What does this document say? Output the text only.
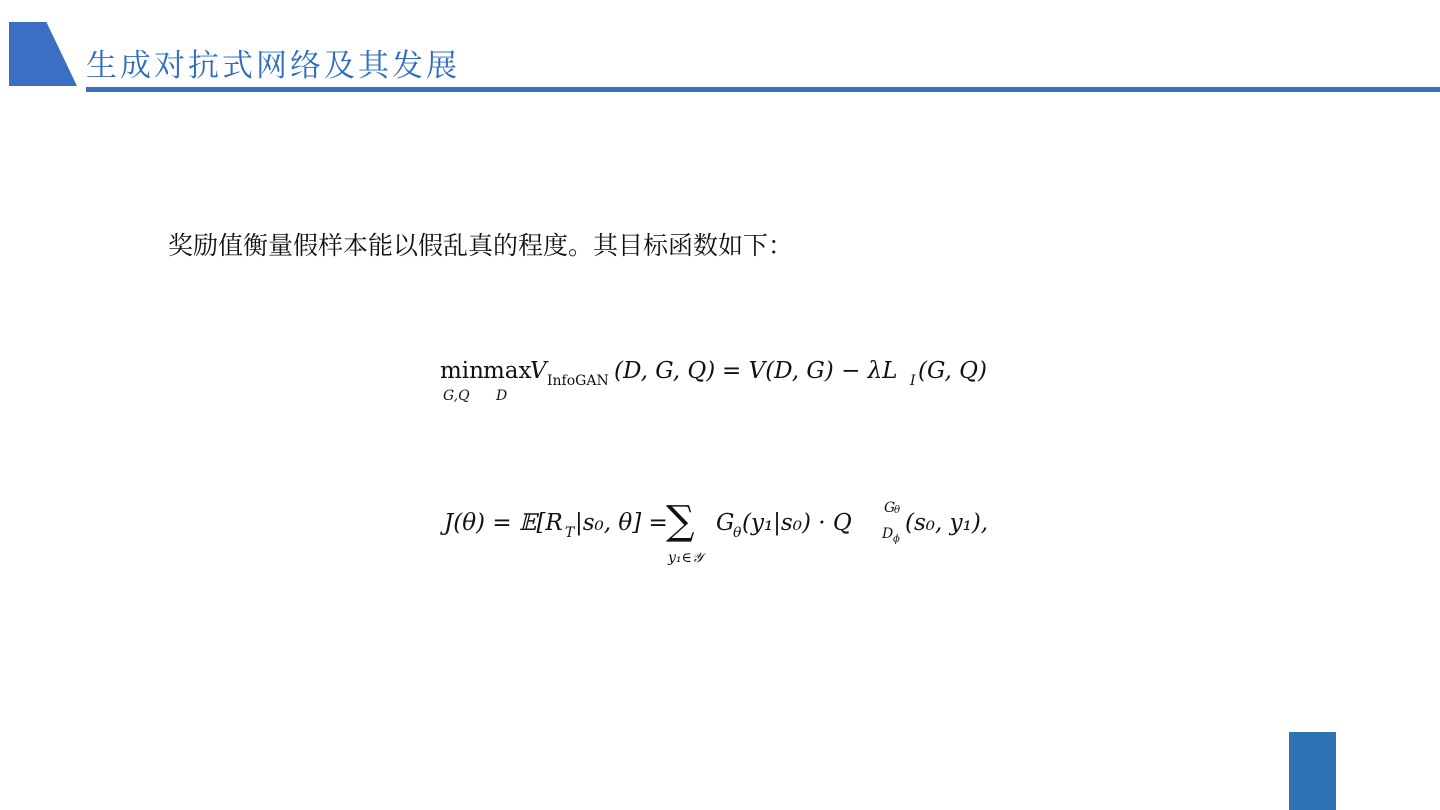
生成对抗式网络及其发展
奖励值衡量假样本能以假乱真的程度。其目标函数如下：
min
G,Q
max
D
V InfoGAN (D, G, Q) = V(D, G) − λL I (G, Q)
J(θ) = 𝔼[R T |s₀, θ] =
∑
y₁∈𝒴
G
θ (y₁|s₀) · Q
G
θ
D ϕ
(s₀, y₁),
